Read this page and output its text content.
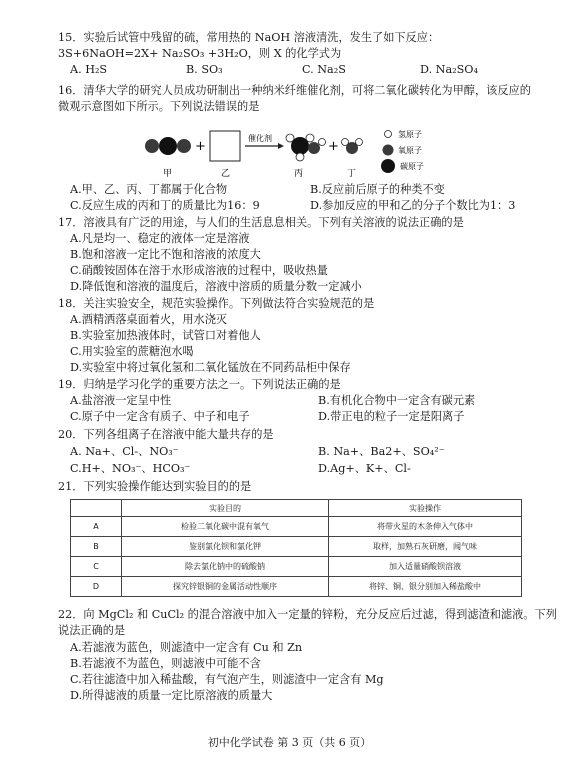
15．实验后试管中残留的硫，常用热的 NaOH 溶液清洗，发生了如下反应：
3S+6NaOH=2X+ Na₂SO₃ +3H₂O，则 X 的化学式为
A. H₂S	B. SO₃	C. Na₂S	D. Na₂SO₄
16．清华大学的研究人员成功研制出一种纳米纤维催化剂，可将二氧化碳转化为甲醇，该反应的
微观示意图如下所示。下列说法错误的是
+
催化剂
+
甲	乙	丙	丁
氢原子
氧原子
碳原子
A.甲、乙、丙、丁都属于化合物	B.反应前后原子的种类不变
C.反应生成的丙和丁的质量比为16：9	D.参加反应的甲和乙的分子个数比为1：3
17．溶液具有广泛的用途，与人们的生活息息相关。下列有关溶液的说法正确的是
A.凡是均一、稳定的液体一定是溶液
B.饱和溶液一定比不饱和溶液的浓度大
C.硝酸铵固体在溶于水形成溶液的过程中，吸收热量
D.降低饱和溶液的温度后，溶液中溶质的质量分数一定减小
18．关注实验安全，规范实验操作。下列做法符合实验规范的是
A.酒精洒落桌面着火，用水浇灭
B.实验室加热液体时，试管口对着他人
C.用实验室的蔗糖泡水喝
D.实验室中将过氧化氢和二氧化锰放在不同药品柜中保存
19．归纳是学习化学的重要方法之一。下列说法正确的是
A.盐溶液一定呈中性	B.有机化合物中一定含有碳元素
C.原子中一定含有质子、中子和电子	D.带正电的粒子一定是阳离子
20．下列各组离子在溶液中能大量共存的是
A. Na+、Cl-、NO₃⁻	B. Na+、Ba2+、SO₄²⁻
C.H+、NO₃⁻、HCO₃⁻	D.Ag+、K+、Cl-
21．下列实验操作能达到实验目的的是
	实验目的	实验操作
A	检验二氧化碳中混有氧气	将带火星的木条伸入气体中
B	鉴别氯化钡和氯化钾	取样，加熟石灰研磨，闻气味
C	除去氯化钠中的硫酸钠	加入适量硝酸钡溶液
D	探究锌银铜的金属活动性顺序	将锌、铜、银分别加入稀盐酸中
22．向 MgCl₂ 和 CuCl₂ 的混合溶液中加入一定量的锌粉，充分反应后过滤，得到滤渣和滤液。下列
说法正确的是
A.若滤液为蓝色，则滤渣中一定含有 Cu 和 Zn
B.若滤液不为蓝色，则滤液中可能不含
C.若往滤渣中加入稀盐酸，有气泡产生，则滤渣中一定含有 Mg
D.所得滤液的质量一定比原溶液的质量大
初中化学试卷 第 3 页（共 6 页）
